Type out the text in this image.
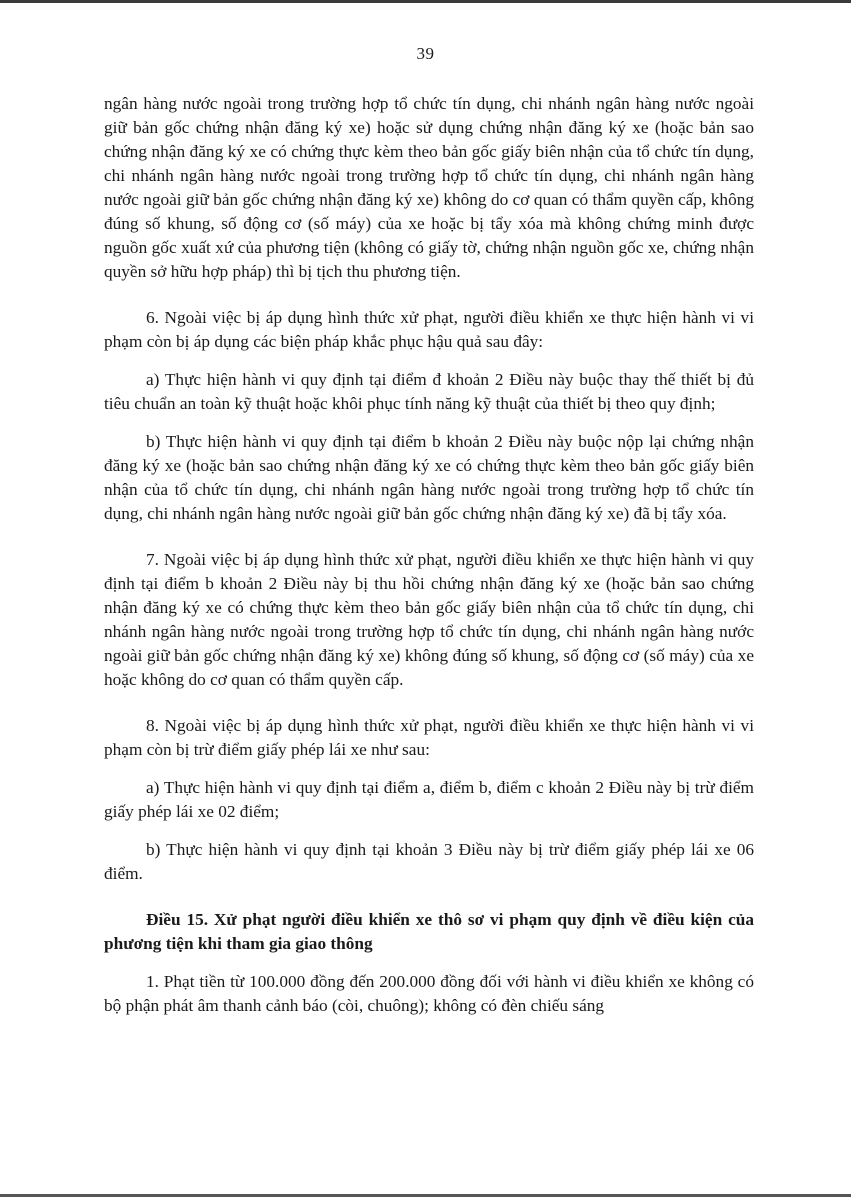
39

ngân hàng nước ngoài trong trường hợp tổ chức tín dụng, chi nhánh ngân hàng nước ngoài giữ bản gốc chứng nhận đăng ký xe) hoặc sử dụng chứng nhận đăng ký xe (hoặc bản sao chứng nhận đăng ký xe có chứng thực kèm theo bản gốc giấy biên nhận của tổ chức tín dụng, chi nhánh ngân hàng nước ngoài trong trường hợp tổ chức tín dụng, chi nhánh ngân hàng nước ngoài giữ bản gốc chứng nhận đăng ký xe) không do cơ quan có thẩm quyền cấp, không đúng số khung, số động cơ (số máy) của xe hoặc bị tẩy xóa mà không chứng minh được nguồn gốc xuất xứ của phương tiện (không có giấy tờ, chứng nhận nguồn gốc xe, chứng nhận quyền sở hữu hợp pháp) thì bị tịch thu phương tiện.

6. Ngoài việc bị áp dụng hình thức xử phạt, người điều khiển xe thực hiện hành vi vi phạm còn bị áp dụng các biện pháp khắc phục hậu quả sau đây:

a) Thực hiện hành vi quy định tại điểm đ khoản 2 Điều này buộc thay thế thiết bị đủ tiêu chuẩn an toàn kỹ thuật hoặc khôi phục tính năng kỹ thuật của thiết bị theo quy định;

b) Thực hiện hành vi quy định tại điểm b khoản 2 Điều này buộc nộp lại chứng nhận đăng ký xe (hoặc bản sao chứng nhận đăng ký xe có chứng thực kèm theo bản gốc giấy biên nhận của tổ chức tín dụng, chi nhánh ngân hàng nước ngoài trong trường hợp tổ chức tín dụng, chi nhánh ngân hàng nước ngoài giữ bản gốc chứng nhận đăng ký xe) đã bị tẩy xóa.

7. Ngoài việc bị áp dụng hình thức xử phạt, người điều khiển xe thực hiện hành vi quy định tại điểm b khoản 2 Điều này bị thu hồi chứng nhận đăng ký xe (hoặc bản sao chứng nhận đăng ký xe có chứng thực kèm theo bản gốc giấy biên nhận của tổ chức tín dụng, chi nhánh ngân hàng nước ngoài trong trường hợp tổ chức tín dụng, chi nhánh ngân hàng nước ngoài giữ bản gốc chứng nhận đăng ký xe) không đúng số khung, số động cơ (số máy) của xe hoặc không do cơ quan có thẩm quyền cấp.

8. Ngoài việc bị áp dụng hình thức xử phạt, người điều khiển xe thực hiện hành vi vi phạm còn bị trừ điểm giấy phép lái xe như sau:

a) Thực hiện hành vi quy định tại điểm a, điểm b, điểm c khoản 2 Điều này bị trừ điểm giấy phép lái xe 02 điểm;

b) Thực hiện hành vi quy định tại khoản 3 Điều này bị trừ điểm giấy phép lái xe 06 điểm.

Điều 15. Xử phạt người điều khiển xe thô sơ vi phạm quy định về điều kiện của phương tiện khi tham gia giao thông

1. Phạt tiền từ 100.000 đồng đến 200.000 đồng đối với hành vi điều khiển xe không có bộ phận phát âm thanh cảnh báo (còi, chuông); không có đèn chiếu sáng
